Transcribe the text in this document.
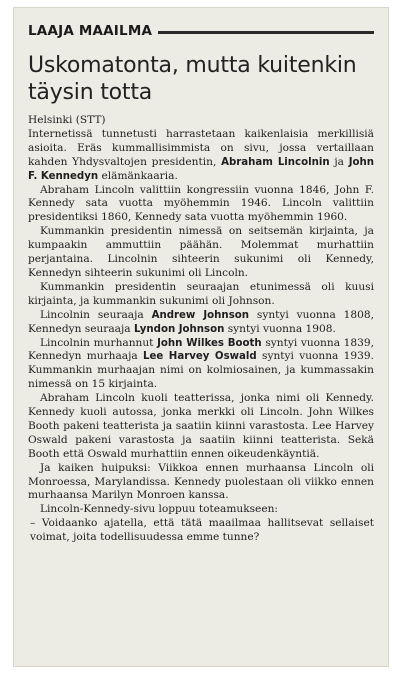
LAAJA MAAILMA
Uskomatonta, mutta kuitenkin täysin totta

Helsinki (STT)

Internetissä tunnetusti harrastetaan kaikenlaisia merkillisiä asioita. Eräs kummallisimmista on sivu, jossa vertaillaan kahden Yhdysvaltojen presidentin, Abraham Lincolnin ja John F. Kennedyn elämänkaaria.

Abraham Lincoln valittiin kongressiin vuonna 1846, John F. Kennedy sata vuotta myöhemmin 1946. Lincoln valittiin presidentiksi 1860, Kennedy sata vuotta myöhemmin 1960.

Kummankin presidentin nimessä on seitsemän kirjainta, ja kumpaakin ammuttiin päähän. Molemmat murhattiin perjantaina. Lincolnin sihteerin sukunimi oli Kennedy, Kennedyn sihteerin sukunimi oli Lincoln.

Kummankin presidentin seuraajan etunimessä oli kuusi kirjainta, ja kummankin sukunimi oli Johnson.

Lincolnin seuraaja Andrew Johnson syntyi vuonna 1808, Kennedyn seuraaja Lyndon Johnson syntyi vuonna 1908.

Lincolnin murhannut John Wilkes Booth syntyi vuonna 1839, Kennedyn murhaaja Lee Harvey Oswald syntyi vuonna 1939. Kummankin murhaajan nimi on kolmiosainen, ja kummassakin nimessä on 15 kirjainta.

Abraham Lincoln kuoli teatterissa, jonka nimi oli Kennedy. Kennedy kuoli autossa, jonka merkki oli Lincoln. John Wilkes Booth pakeni teatterista ja saatiin kiinni varastosta. Lee Harvey Oswald pakeni varastosta ja saatiin kiinni teatterista. Sekä Booth että Oswald murhattiin ennen oikeudenkäyntiä.

Ja kaiken huipuksi: Viikkoa ennen murhaansa Lincoln oli Monroessa, Marylandissa. Kennedy puolestaan oli viikko ennen murhaansa Marilyn Monroen kanssa.

Lincoln-Kennedy-sivu loppuu toteamukseen:

– Voidaanko ajatella, että tätä maailmaa hallitsevat sellaiset voimat, joita todellisuudessa emme tunne?
